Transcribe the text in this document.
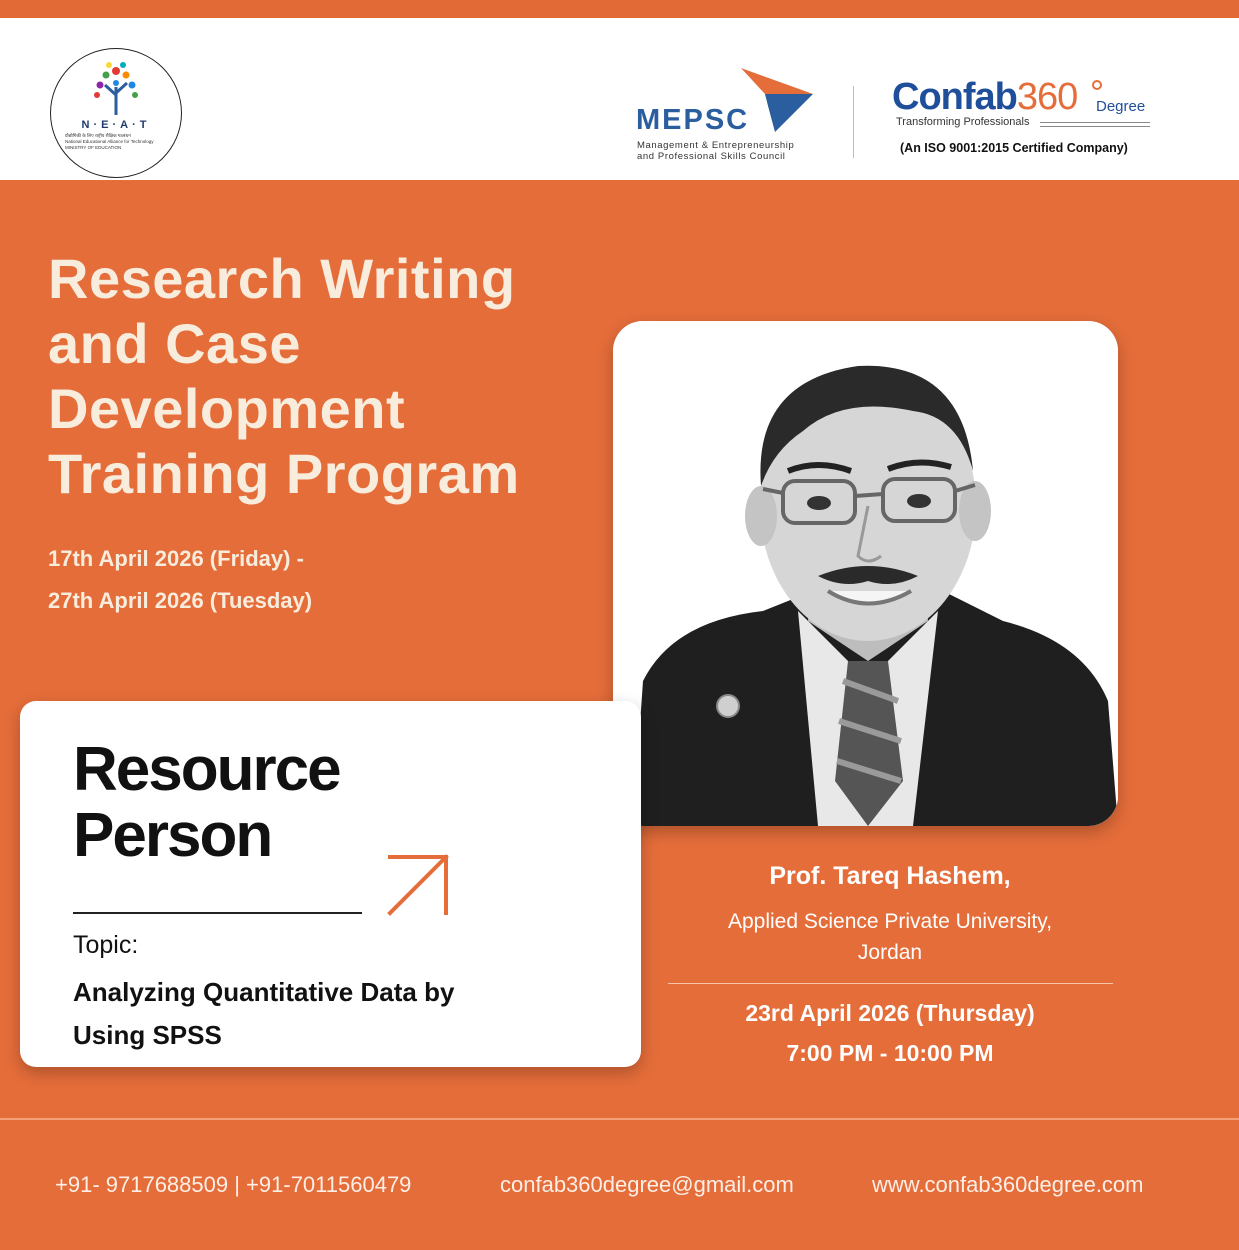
N·E·A·T
प्रौद्योगिकी के लिए राष्ट्रीय शैक्षिक गठबंधन
National Educational Alliance for Technology
MINISTRY OF EDUCATION
MEPSC
Management & Entrepreneurship
and Professional Skills Council
Confab360 Degree
Transforming Professionals
(An ISO 9001:2015 Certified Company)
Research Writing
and Case
Development
Training Program
17th April 2026 (Friday) -
27th April 2026 (Tuesday)
Resource
Person
Topic:
Analyzing Quantitative Data by
Using SPSS
Prof. Tareq Hashem,
Applied Science Private University,
Jordan
23rd April 2026 (Thursday)
7:00 PM - 10:00 PM
+91- 9717688509 | +91-7011560479	confab360degree@gmail.com	www.confab360degree.com
